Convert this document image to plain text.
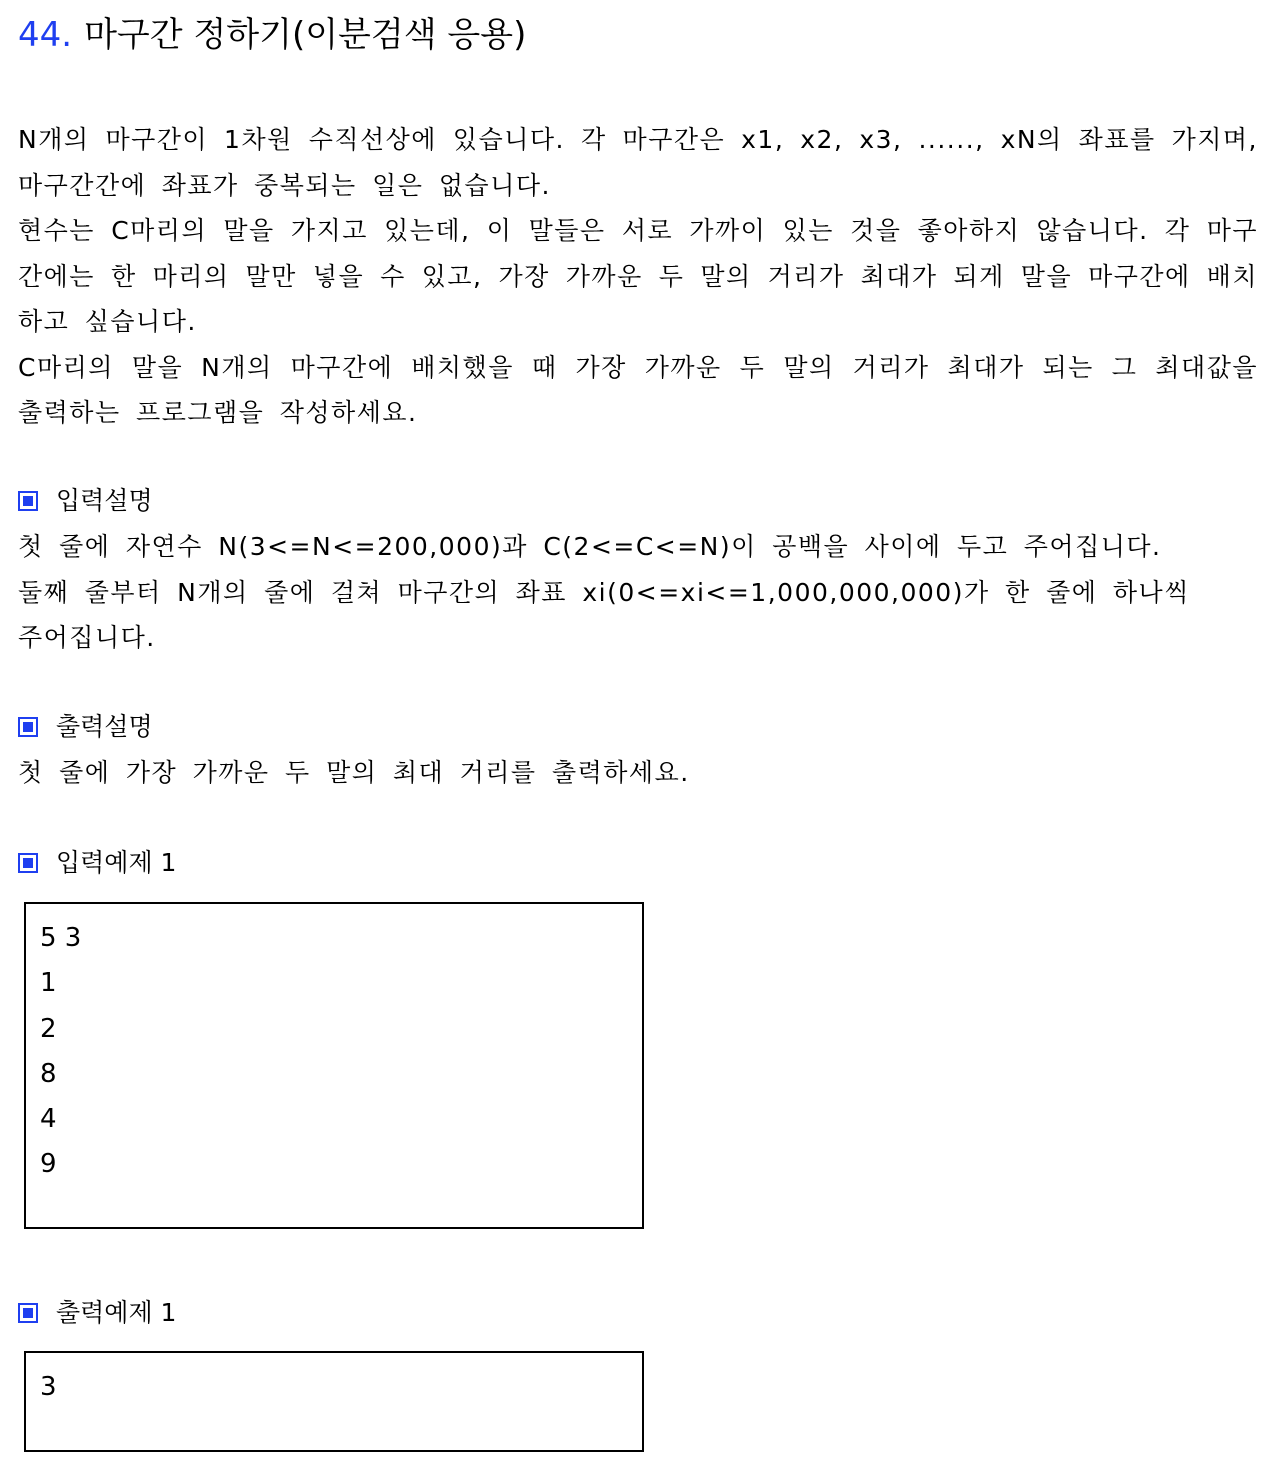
44. 마구간 정하기(이분검색 응용)

N개의 마구간이 1차원 수직선상에 있습니다. 각 마구간은 x1, x2, x3, ......, xN의 좌표를 가지며, 마구간간에 좌표가 중복되는 일은 없습니다.

현수는 C마리의 말을 가지고 있는데, 이 말들은 서로 가까이 있는 것을 좋아하지 않습니다. 각 마구간에는 한 마리의 말만 넣을 수 있고, 가장 가까운 두 말의 거리가 최대가 되게 말을 마구간에 배치하고 싶습니다.

C마리의 말을 N개의 마구간에 배치했을 때 가장 가까운 두 말의 거리가 최대가 되는 그 최대값을 출력하는 프로그램을 작성하세요.

입력설명

첫 줄에 자연수 N(3<=N<=200,000)과 C(2<=C<=N)이 공백을 사이에 두고 주어집니다.

둘째 줄부터 N개의 줄에 걸쳐 마구간의 좌표 xi(0<=xi<=1,000,000,000)가 한 줄에 하나씩 주어집니다.

출력설명

첫 줄에 가장 가까운 두 말의 최대 거리를 출력하세요.

입력예제 1
5 3
1
2
8
4
9
출력예제 1
3
